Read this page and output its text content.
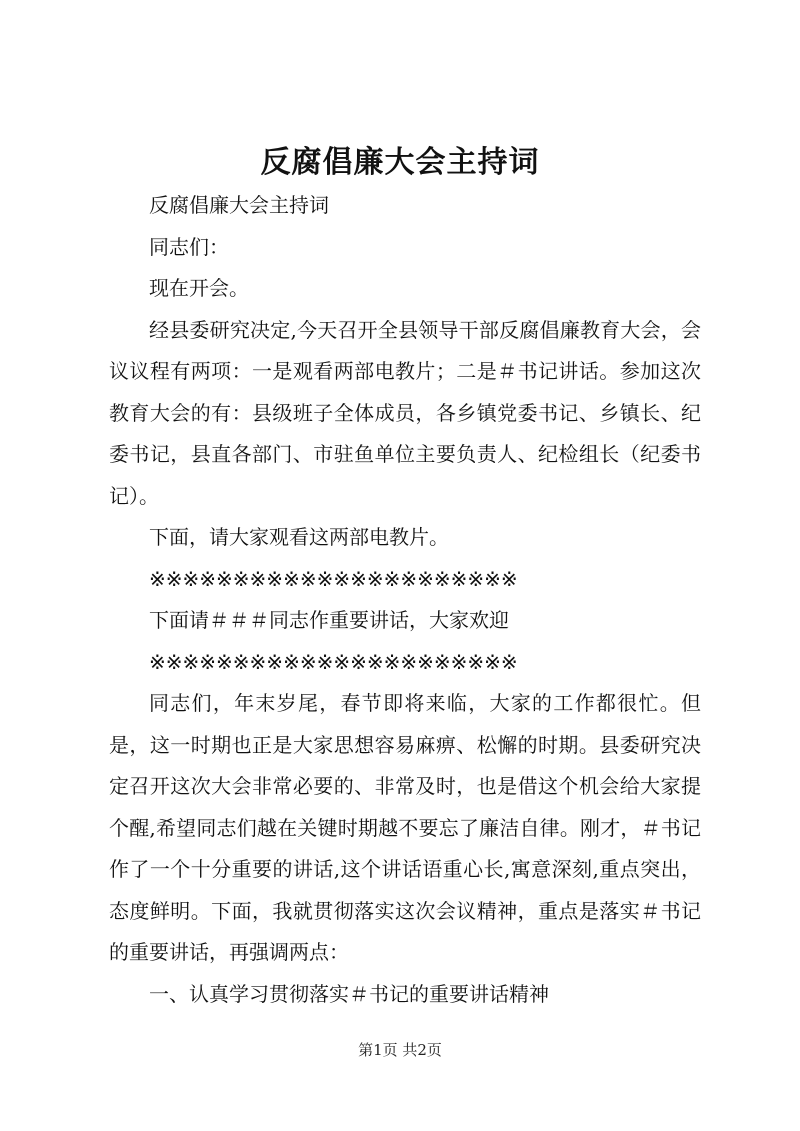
反腐倡廉大会主持词

反腐倡廉大会主持词

同志们：

现在开会。

经县委研究决定,今天召开全县领导干部反腐倡廉教育大会，会议议程有两项：一是观看两部电教片；二是＃书记讲话。参加这次教育大会的有：县级班子全体成员，各乡镇党委书记、乡镇长、纪委书记，县直各部门、市驻鱼单位主要负责人、纪检组长（纪委书记）。

下面，请大家观看这两部电教片。

※※※※※※※※※※※※※※※※※※※※※※

下面请＃＃＃同志作重要讲话，大家欢迎

※※※※※※※※※※※※※※※※※※※※※※

同志们，年末岁尾，春节即将来临，大家的工作都很忙。但是，这一时期也正是大家思想容易麻痹、松懈的时期。县委研究决定召开这次大会非常必要的、非常及时，也是借这个机会给大家提个醒,希望同志们越在关键时期越不要忘了廉洁自律。刚才，＃书记作了一个十分重要的讲话,这个讲话语重心长,寓意深刻,重点突出，态度鲜明。下面，我就贯彻落实这次会议精神，重点是落实＃书记的重要讲话，再强调两点：

一、认真学习贯彻落实＃书记的重要讲话精神

第1页 共2页
